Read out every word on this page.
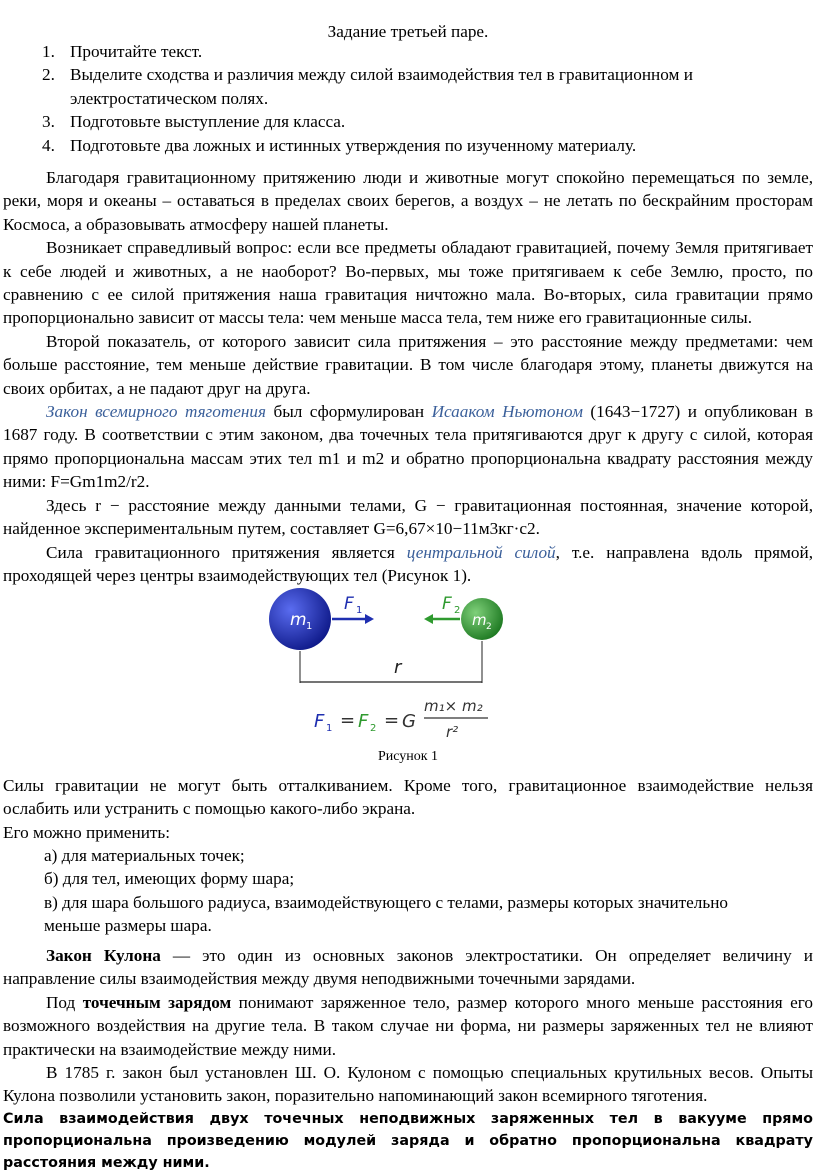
Задание третьей паре.
1. Прочитайте текст.
2. Выделите сходства и различия между силой взаимодействия тел в гравитационном и электростатическом полях.
3. Подготовьте выступление для класса.
4. Подготовьте два ложных и истинных утверждения по изученному материалу.

Благодаря гравитационному притяжению люди и животные могут спокойно перемещаться по земле, реки, моря и океаны – оставаться в пределах своих берегов, а воздух – не летать по бескрайним просторам Космоса, а образовывать атмосферу нашей планеты.

Возникает справедливый вопрос: если все предметы обладают гравитацией, почему Земля притягивает к себе людей и животных, а не наоборот? Во-первых, мы тоже притягиваем к себе Землю, просто, по сравнению с ее силой притяжения наша гравитация ничтожно мала. Во-вторых, сила гравитации прямо пропорционально зависит от массы тела: чем меньше масса тела, тем ниже его гравитационные силы.

Второй показатель, от которого зависит сила притяжения – это расстояние между предметами: чем больше расстояние, тем меньше действие гравитации. В том числе благодаря этому, планеты движутся на своих орбитах, а не падают друг на друга.

Закон всемирного тяготения был сформулирован Исааком Ньютоном (1643−1727) и опубликован в 1687 году. В соответствии с этим законом, два точечных тела притягиваются друг к другу с силой, которая прямо пропорциональна массам этих тел m1 и m2 и обратно пропорциональна квадрату расстояния между ними: F=Gm1m2/r2.

Здесь r − расстояние между данными телами, G − гравитационная постоянная, значение которой, найденное экспериментальным путем, составляет G=6,67×10−11м3кг·с2.

Сила гравитационного притяжения является центральной силой, т.е. направлена вдоль прямой, проходящей через центры взаимодействующих тел (Рисунок 1).

m 1
F 1
m 2
F 2
r
F 1 = F 2 = G
m₁× m₂
r²
Рисунок 1

Силы гравитации не могут быть отталкиванием. Кроме того, гравитационное взаимодействие нельзя ослабить или устранить с помощью какого-либо экрана.

Его можно применить:

а) для материальных точек;
б) для тел, имеющих форму шара;
в) для шара большого радиуса, взаимодействующего с телами, размеры которых значительно меньше размеры шара.

Закон Кулона — это один из основных законов электростатики. Он определяет величину и направление силы взаимодействия между двумя неподвижными точечными зарядами.

Под точечным зарядом понимают заряженное тело, размер которого много меньше расстояния его возможного воздействия на другие тела. В таком случае ни форма, ни размеры заряженных тел не влияют практически на взаимодействие между ними.

В 1785 г. закон был установлен Ш. О. Кулоном с помощью специальных крутильных весов. Опыты Кулона позволили установить закон, поразительно напоминающий закон всемирного тяготения.

Сила взаимодействия двух точечных неподвижных заряженных тел в вакууме прямо пропорциональна произведению модулей заряда и обратно пропорциональна квадрату расстояния между ними.
